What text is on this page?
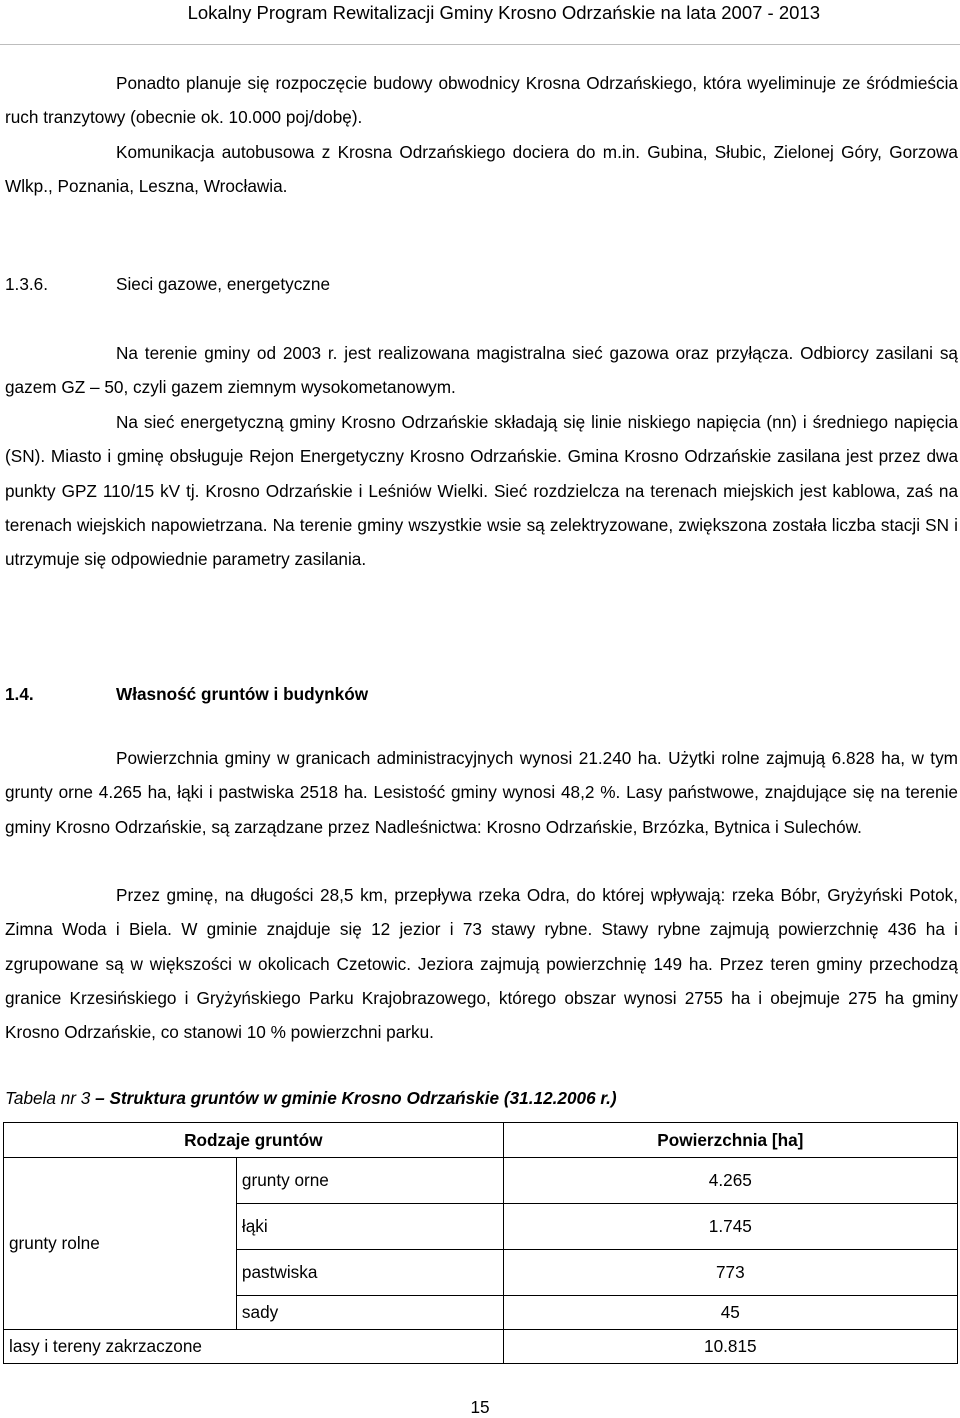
Lokalny Program Rewitalizacji Gminy Krosno Odrzańskie na lata 2007 - 2013

Ponadto planuje się rozpoczęcie budowy obwodnicy Krosna Odrzańskiego, która wyeliminuje ze śródmieścia ruch tranzytowy (obecnie ok. 10.000 poj/dobę).

Komunikacja autobusowa z Krosna Odrzańskiego dociera do m.in. Gubina, Słubic, Zielonej Góry, Gorzowa Wlkp., Poznania, Leszna, Wrocławia.

1.3.6.	Sieci gazowe, energetyczne

Na terenie gminy od 2003 r. jest realizowana magistralna sieć gazowa oraz przyłącza. Odbiorcy zasilani są gazem GZ – 50, czyli gazem ziemnym wysokometanowym.

Na sieć energetyczną gminy Krosno Odrzańskie składają się linie niskiego napięcia (nn) i średniego napięcia (SN). Miasto i gminę obsługuje Rejon Energetyczny Krosno Odrzańskie. Gmina Krosno Odrzańskie zasilana jest przez dwa punkty GPZ 110/15 kV tj. Krosno Odrzańskie i Leśniów Wielki. Sieć rozdzielcza na terenach miejskich jest kablowa, zaś na terenach wiejskich napowietrzana. Na terenie gminy wszystkie wsie są zelektryzowane, zwiększona została liczba stacji SN i utrzymuje się odpowiednie parametry zasilania.

1.4.	Własność gruntów i budynków

Powierzchnia gminy w granicach administracyjnych wynosi 21.240 ha. Użytki rolne zajmują 6.828 ha, w tym grunty orne 4.265 ha, łąki i pastwiska 2518 ha. Lesistość gminy wynosi 48,2 %. Lasy państwowe, znajdujące się na terenie gminy Krosno Odrzańskie, są zarządzane przez Nadleśnictwa: Krosno Odrzańskie, Brzózka, Bytnica i Sulechów.

Przez gminę, na długości 28,5 km, przepływa rzeka Odra, do której wpływają: rzeka Bóbr, Gryżyński Potok, Zimna Woda i Biela. W gminie znajduje się 12 jezior i 73 stawy rybne. Stawy rybne zajmują powierzchnię 436 ha i zgrupowane są w większości w okolicach Czetowic. Jeziora zajmują powierzchnię 149 ha. Przez teren gminy przechodzą granice Krzesińskiego i Gryżyńskiego Parku Krajobrazowego, którego obszar wynosi 2755 ha i obejmuje 275 ha gminy Krosno Odrzańskie, co stanowi 10 % powierzchni parku.

Tabela nr 3 – Struktura gruntów w gminie Krosno Odrzańskie (31.12.2006 r.)

Rodzaje gruntów		Powierzchnia [ha]
grunty rolne	grunty orne	4.265
	łąki	1.745
	pastwiska	773
	sady	45
lasy i tereny zakrzaczone		10.815
15
